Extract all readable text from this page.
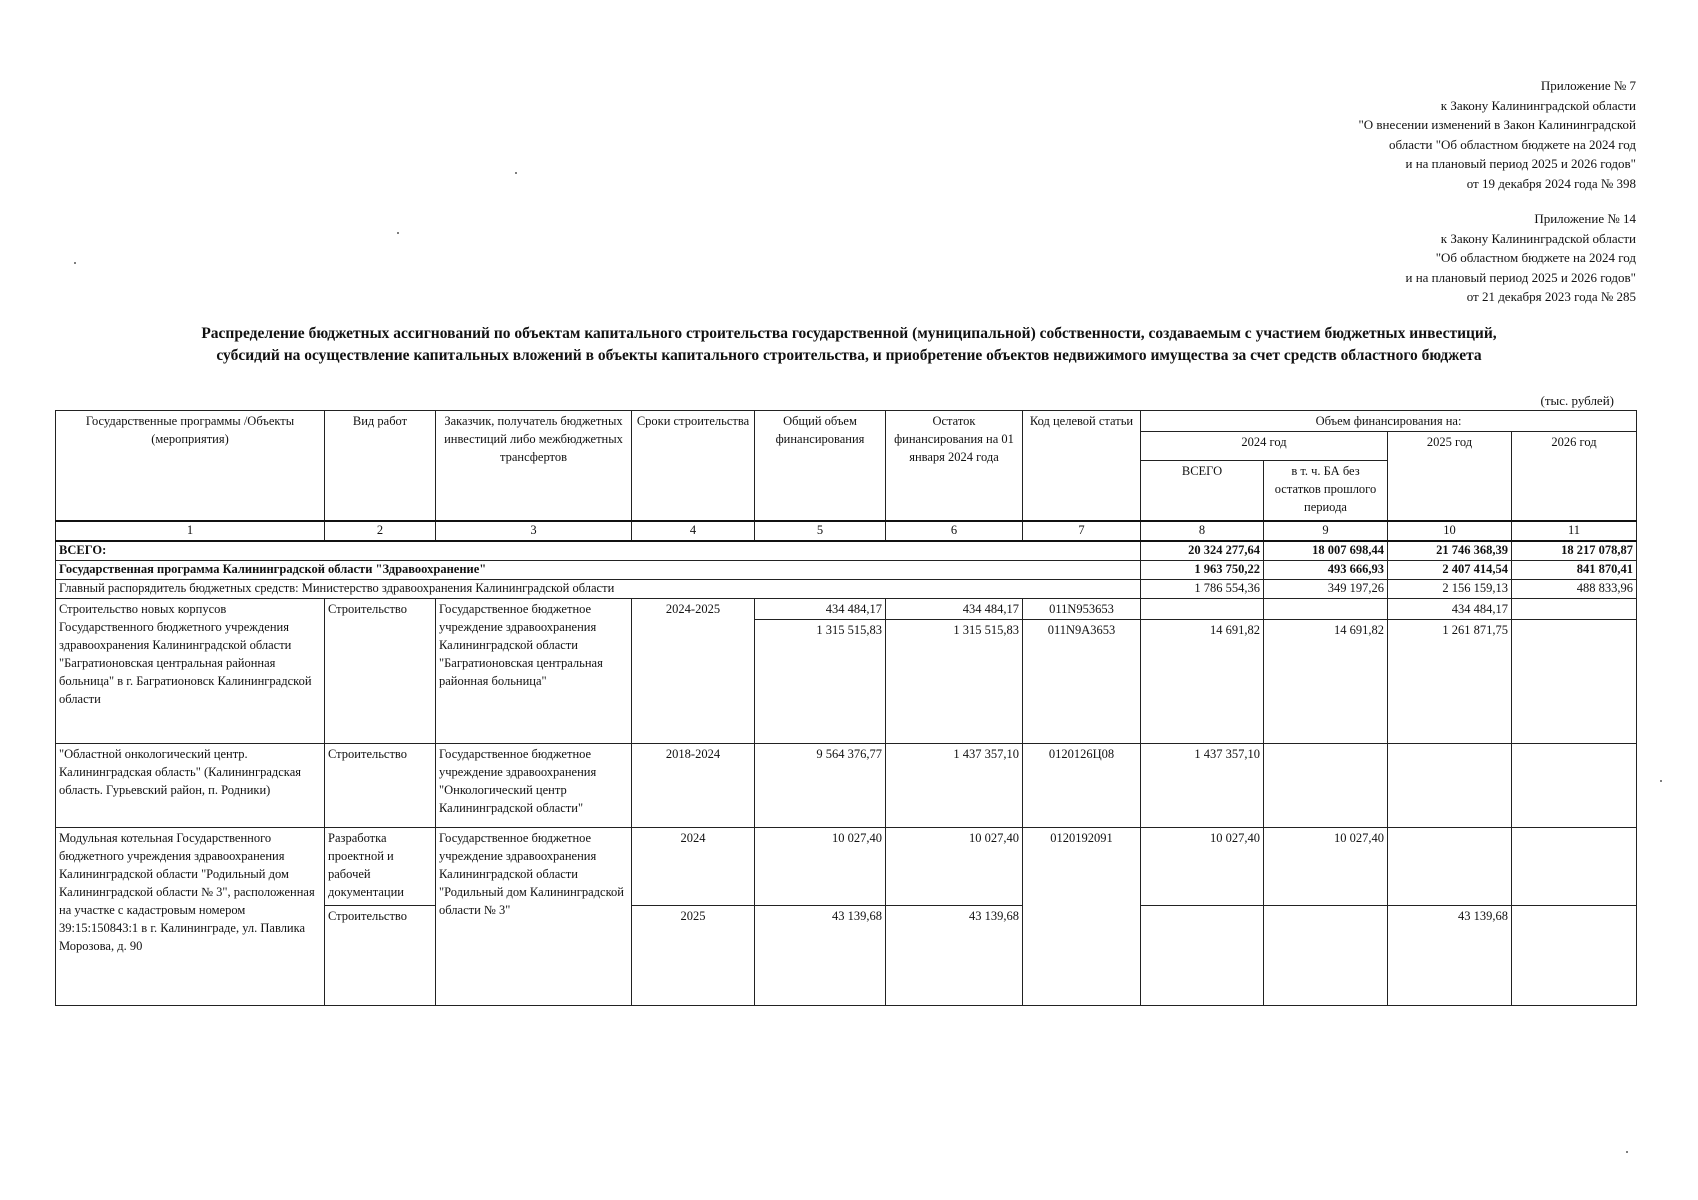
Приложение № 7
к Закону Калининградской области
"О внесении изменений в Закон Калининградской
области "Об областном бюджете на 2024 год
и на плановый период 2025 и 2026 годов"
от 19 декабря 2024 года № 398
Приложение № 14
к Закону Калининградской области
"Об областном бюджете на 2024 год
и на плановый период 2025 и 2026 годов"
от 21 декабря 2023 года № 285
Распределение бюджетных ассигнований по объектам капитального строительства государственной (муниципальной) собственности, создаваемым с участием бюджетных инвестиций,
субсидий на осуществление капитальных вложений в объекты капитального строительства, и приобретение объектов недвижимого имущества за счет средств областного бюджета
(тыс. рублей)
Государственные программы /Объекты (мероприятия)	Вид работ	Заказчик, получатель бюджетных инвестиций либо межбюджетных трансфертов	Сроки строительства	Общий объем финансирования	Остаток финансирования на 01 января 2024 года	Код целевой статьи	Объем финансирования на:			
							2024 год		2025 год	2026 год
							ВСЕГО	в т. ч. БА без остатков прошлого периода		
1	2	3	4	5	6	7	8	9	10	11
ВСЕГО:							20 324 277,64	18 007 698,44	21 746 368,39	18 217 078,87
Государственная программа Калининградской области "Здравоохранение"							1 963 750,22	493 666,93	2 407 414,54	841 870,41
Главный распорядитель бюджетных средств: Министерство здравоохранения Калининградской области							1 786 554,36	349 197,26	2 156 159,13	488 833,96
Строительство новых корпусов Государственного бюджетного учреждения здравоохранения Калининградской области "Багратионовская центральная районная больница" в г. Багратионовск Калининградской области	Строительство	Государственное бюджетное учреждение здравоохранения Калининградской области "Багратионовская центральная районная больница"	2024-2025	434 484,17	434 484,17	011N953653			434 484,17	
				1 315 515,83	1 315 515,83	011N9A3653	14 691,82	14 691,82	1 261 871,75	
"Областной онкологический центр. Калининградская область" (Калининградская область. Гурьевский район, п. Родники)	Строительство	Государственное бюджетное учреждение здравоохранения "Онкологический центр Калининградской области"	2018-2024	9 564 376,77	1 437 357,10	0120126Ц08	1 437 357,10			
Модульная котельная Государственного бюджетного учреждения здравоохранения Калининградской области "Родильный дом Калининградской области № 3", расположенная на участке с кадастровым номером 39:15:150843:1 в г. Калининграде, ул. Павлика Морозова, д. 90	Разработка проектной и рабочей документации	Государственное бюджетное учреждение здравоохранения Калининградской области "Родильный дом Калининградской области № 3"	2024	10 027,40	10 027,40	0120192091	10 027,40	10 027,40		
	Строительство		2025	43 139,68	43 139,68				43 139,68	
